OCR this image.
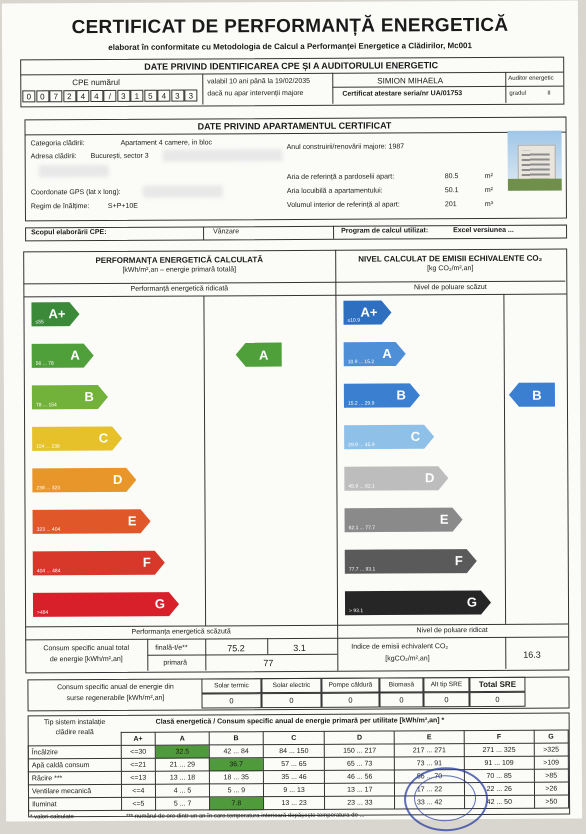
CERTIFICAT DE PERFORMANȚĂ ENERGETICĂ
elaborat în conformitate cu Metodologia de Calcul a Performanței Energetice a Clădirilor, Mc001
DATE PRIVIND IDENTIFICAREA CPE ȘI A AUDITORULUI ENERGETIC
CPE numărul
0	0	7	2	4	4	/	3	1	5	4	3	3
valabil 10 ani până la 19/02/2035
dacă nu apar intervenții majore
SIMION MIHAELA
Certificat atestare seria/nr UA/01753
Auditor energetic
gradul	II
DATE PRIVIND APARTAMENTUL CERTIFICAT
Categoria clădirii:	Apartament 4 camere, in bloc
Adresa clădirii: București, sector 3
Anul construirii/renovării majore: 1987
Coordonate GPS (lat x long):
Regim de înălțime:	S+P+10E
Aria de referință a pardoselii apart:	80.5	m²
Aria locuibilă a apartamentului:	50.1	m²
Volumul interior de referință al apart:	201	m³
Scopul elaborării CPE:	Vânzare	Program de calcul utilizat:	Excel versiunea ...
PERFORMANȚA ENERGETICĂ CALCULATĂ
[kWh/m²,an – energie primară totală]
Performanță energetică ridicată
NIVEL CALCULAT DE EMISII ECHIVALENTE CO₂
[kg CO₂/m²,an]
Nivel de poluare scăzut
Performanța energetică scăzută	Nivel de poluare ridicat
A+
≤55
A
56 ... 78
B
78 ... 154
C
154 ... 238
D
238 ... 323
E
323 ... 404
F
404 ... 484
G
>484
A+
≤10.9
A
10.9 ... 15.2
B
15.2 ... 29.9
C
29.9 ... 45.9
D
45.9 ... 62.1
E
62.1 ... 77.7
F
77.7 ... 93.1
G
> 93.1
A
B
Consum specific anual total
de energie [kWh/m²,an]
finală-t/e**	75.2	3.1
primară	77
Indice de emisii echivalent CO₂
[kgCO₂/m²,an]	16.3
Consum specific anual de energie din
surse regenerabile [kWh/m²,an]
Solar termic
0
Solar electric
0
Pompe căldură
0
Biomasă
0
Alt tip SRE
0
Total SRE
0
Tip sistem instalație
clădire reală
Clasă energetică / Consum specific anual de energie primară per utilitate [kWh/m²,an] *
	A+	A	B	C	D	E	F	G
Încălzire	<=30	32.5	42 ... 84	84 ... 150	150 ... 217	217 ... 271	271 ... 325	>325
Apă caldă consum	<=21	21 ... 29	36.7	57 ... 65	65 ... 73	73 ... 91	91 ... 109	>109
Răcire ***	<=13	13 ... 18	18 ... 35	35 ... 46	46 ... 56	56 ... 70	70 ... 85	>85
Ventilare mecanică	<=4	4 ... 5	5 ... 9	9 ... 13	13 ... 17	17 ... 22	22 ... 26	>26
Iluminat	<=5	5 ... 7	7.8	13 ... 23	23 ... 33	33 ... 42	42 ... 50	>50
* valori calculate	*** numărul de ore dintr-un an în care temperatura interioară depășește temperatura de ...
